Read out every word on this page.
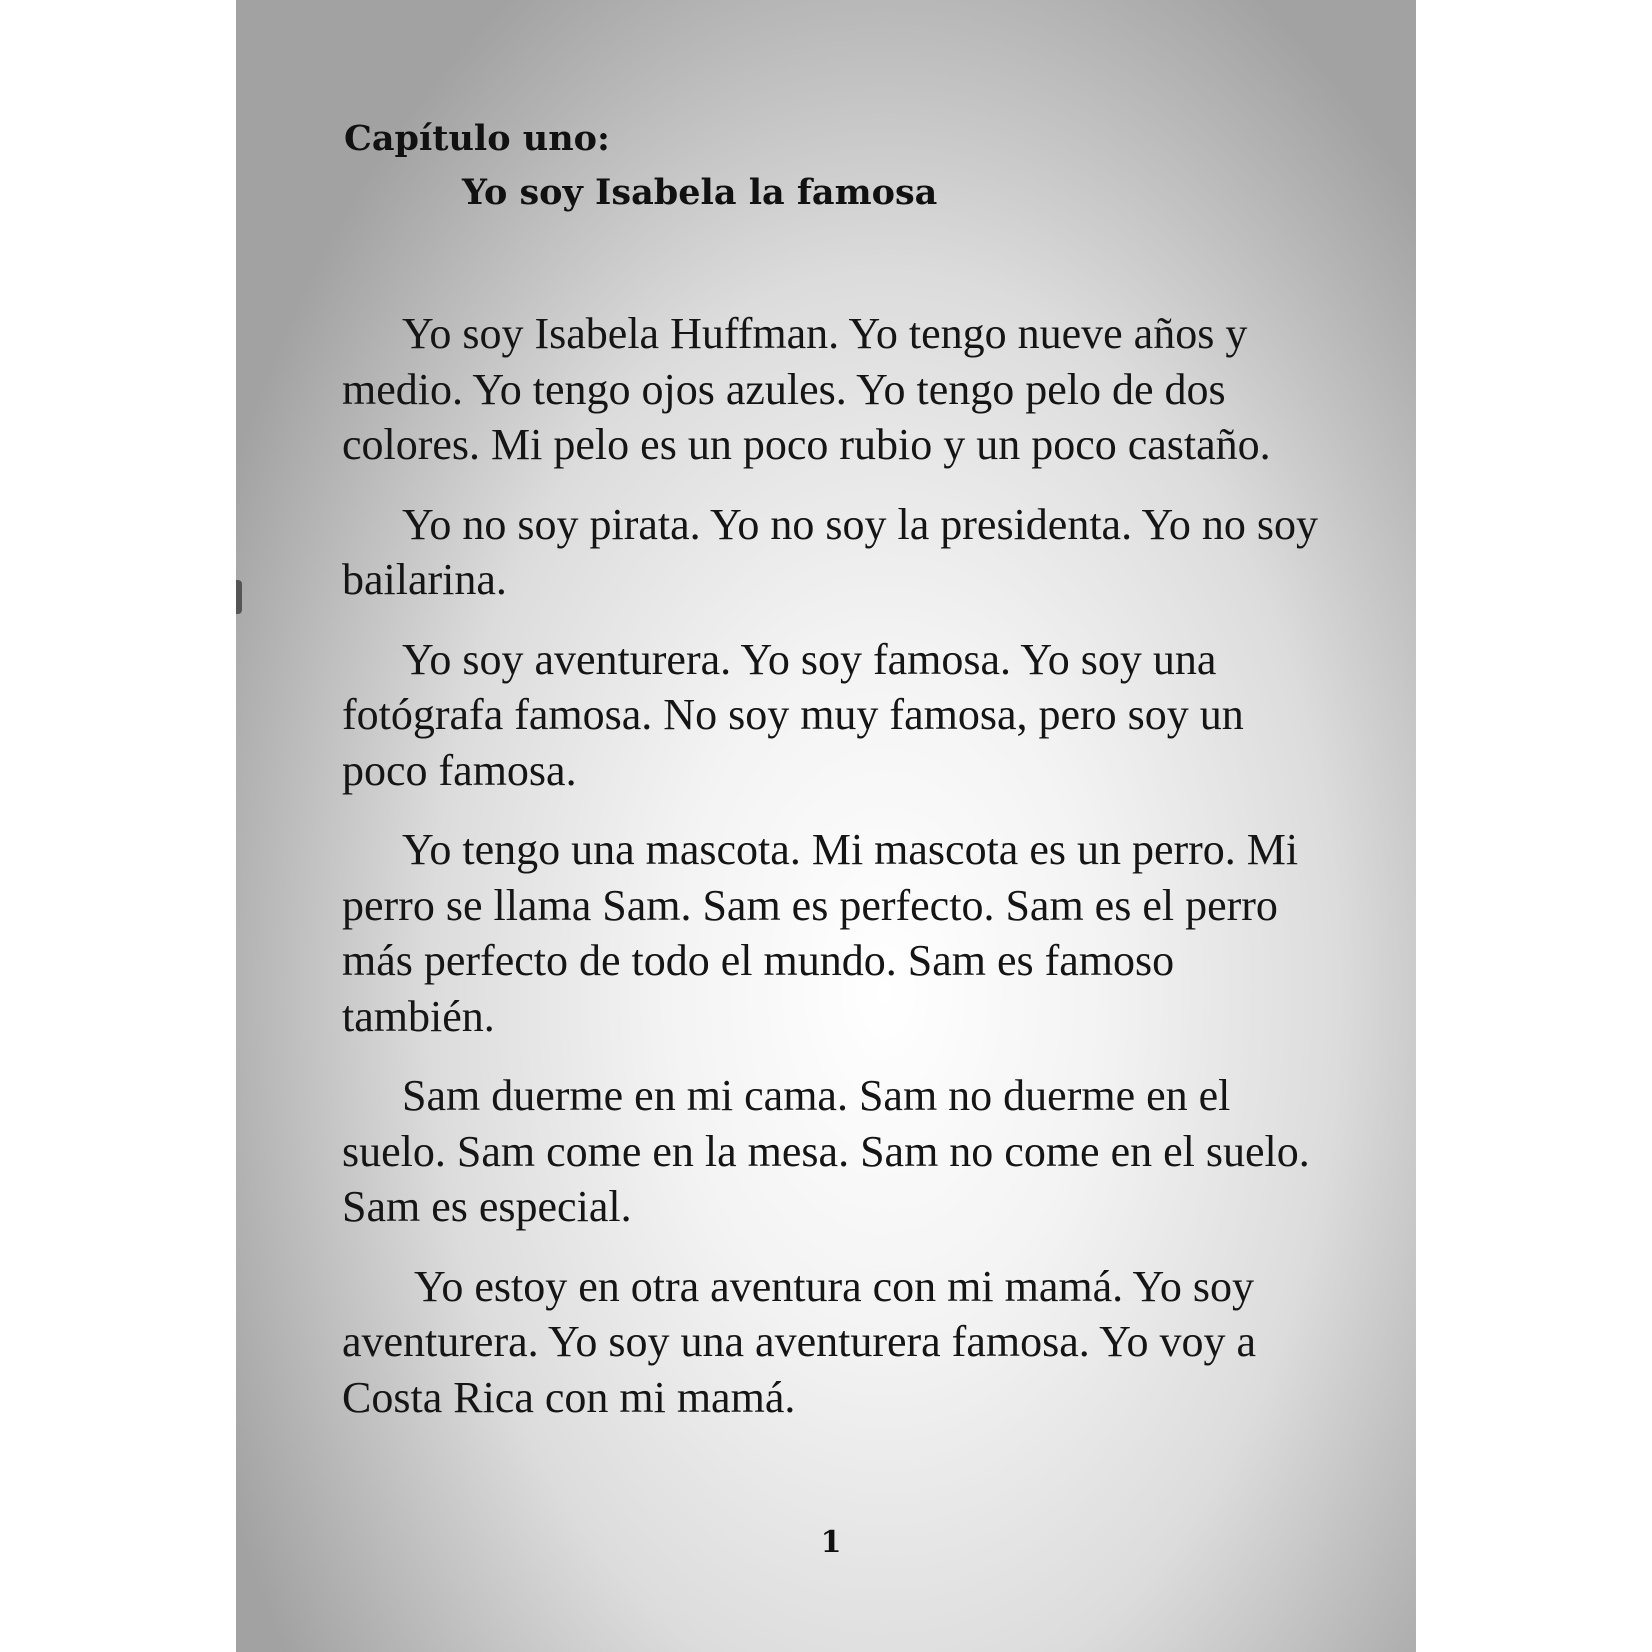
Capítulo uno:
Yo soy Isabela la famosa

Yo soy Isabela Huffman. Yo tengo nueve años y medio. Yo tengo ojos azules. Yo tengo pelo de dos colores. Mi pelo es un poco rubio y un poco castaño.

Yo no soy pirata. Yo no soy la presidenta. Yo no soy bailarina.

Yo soy aventurera. Yo soy famosa. Yo soy una fotógrafa famosa. No soy muy famosa, pero soy un poco famosa.

Yo tengo una mascota. Mi mascota es un perro. Mi perro se llama Sam. Sam es perfecto. Sam es el perro más perfecto de todo el mundo. Sam es famoso también.

Sam duerme en mi cama. Sam no duerme en el suelo. Sam come en la mesa. Sam no come en el suelo. Sam es especial.

Yo estoy en otra aventura con mi mamá. Yo soy aventurera. Yo soy una aventurera famosa. Yo voy a Costa Rica con mi mamá.

1
